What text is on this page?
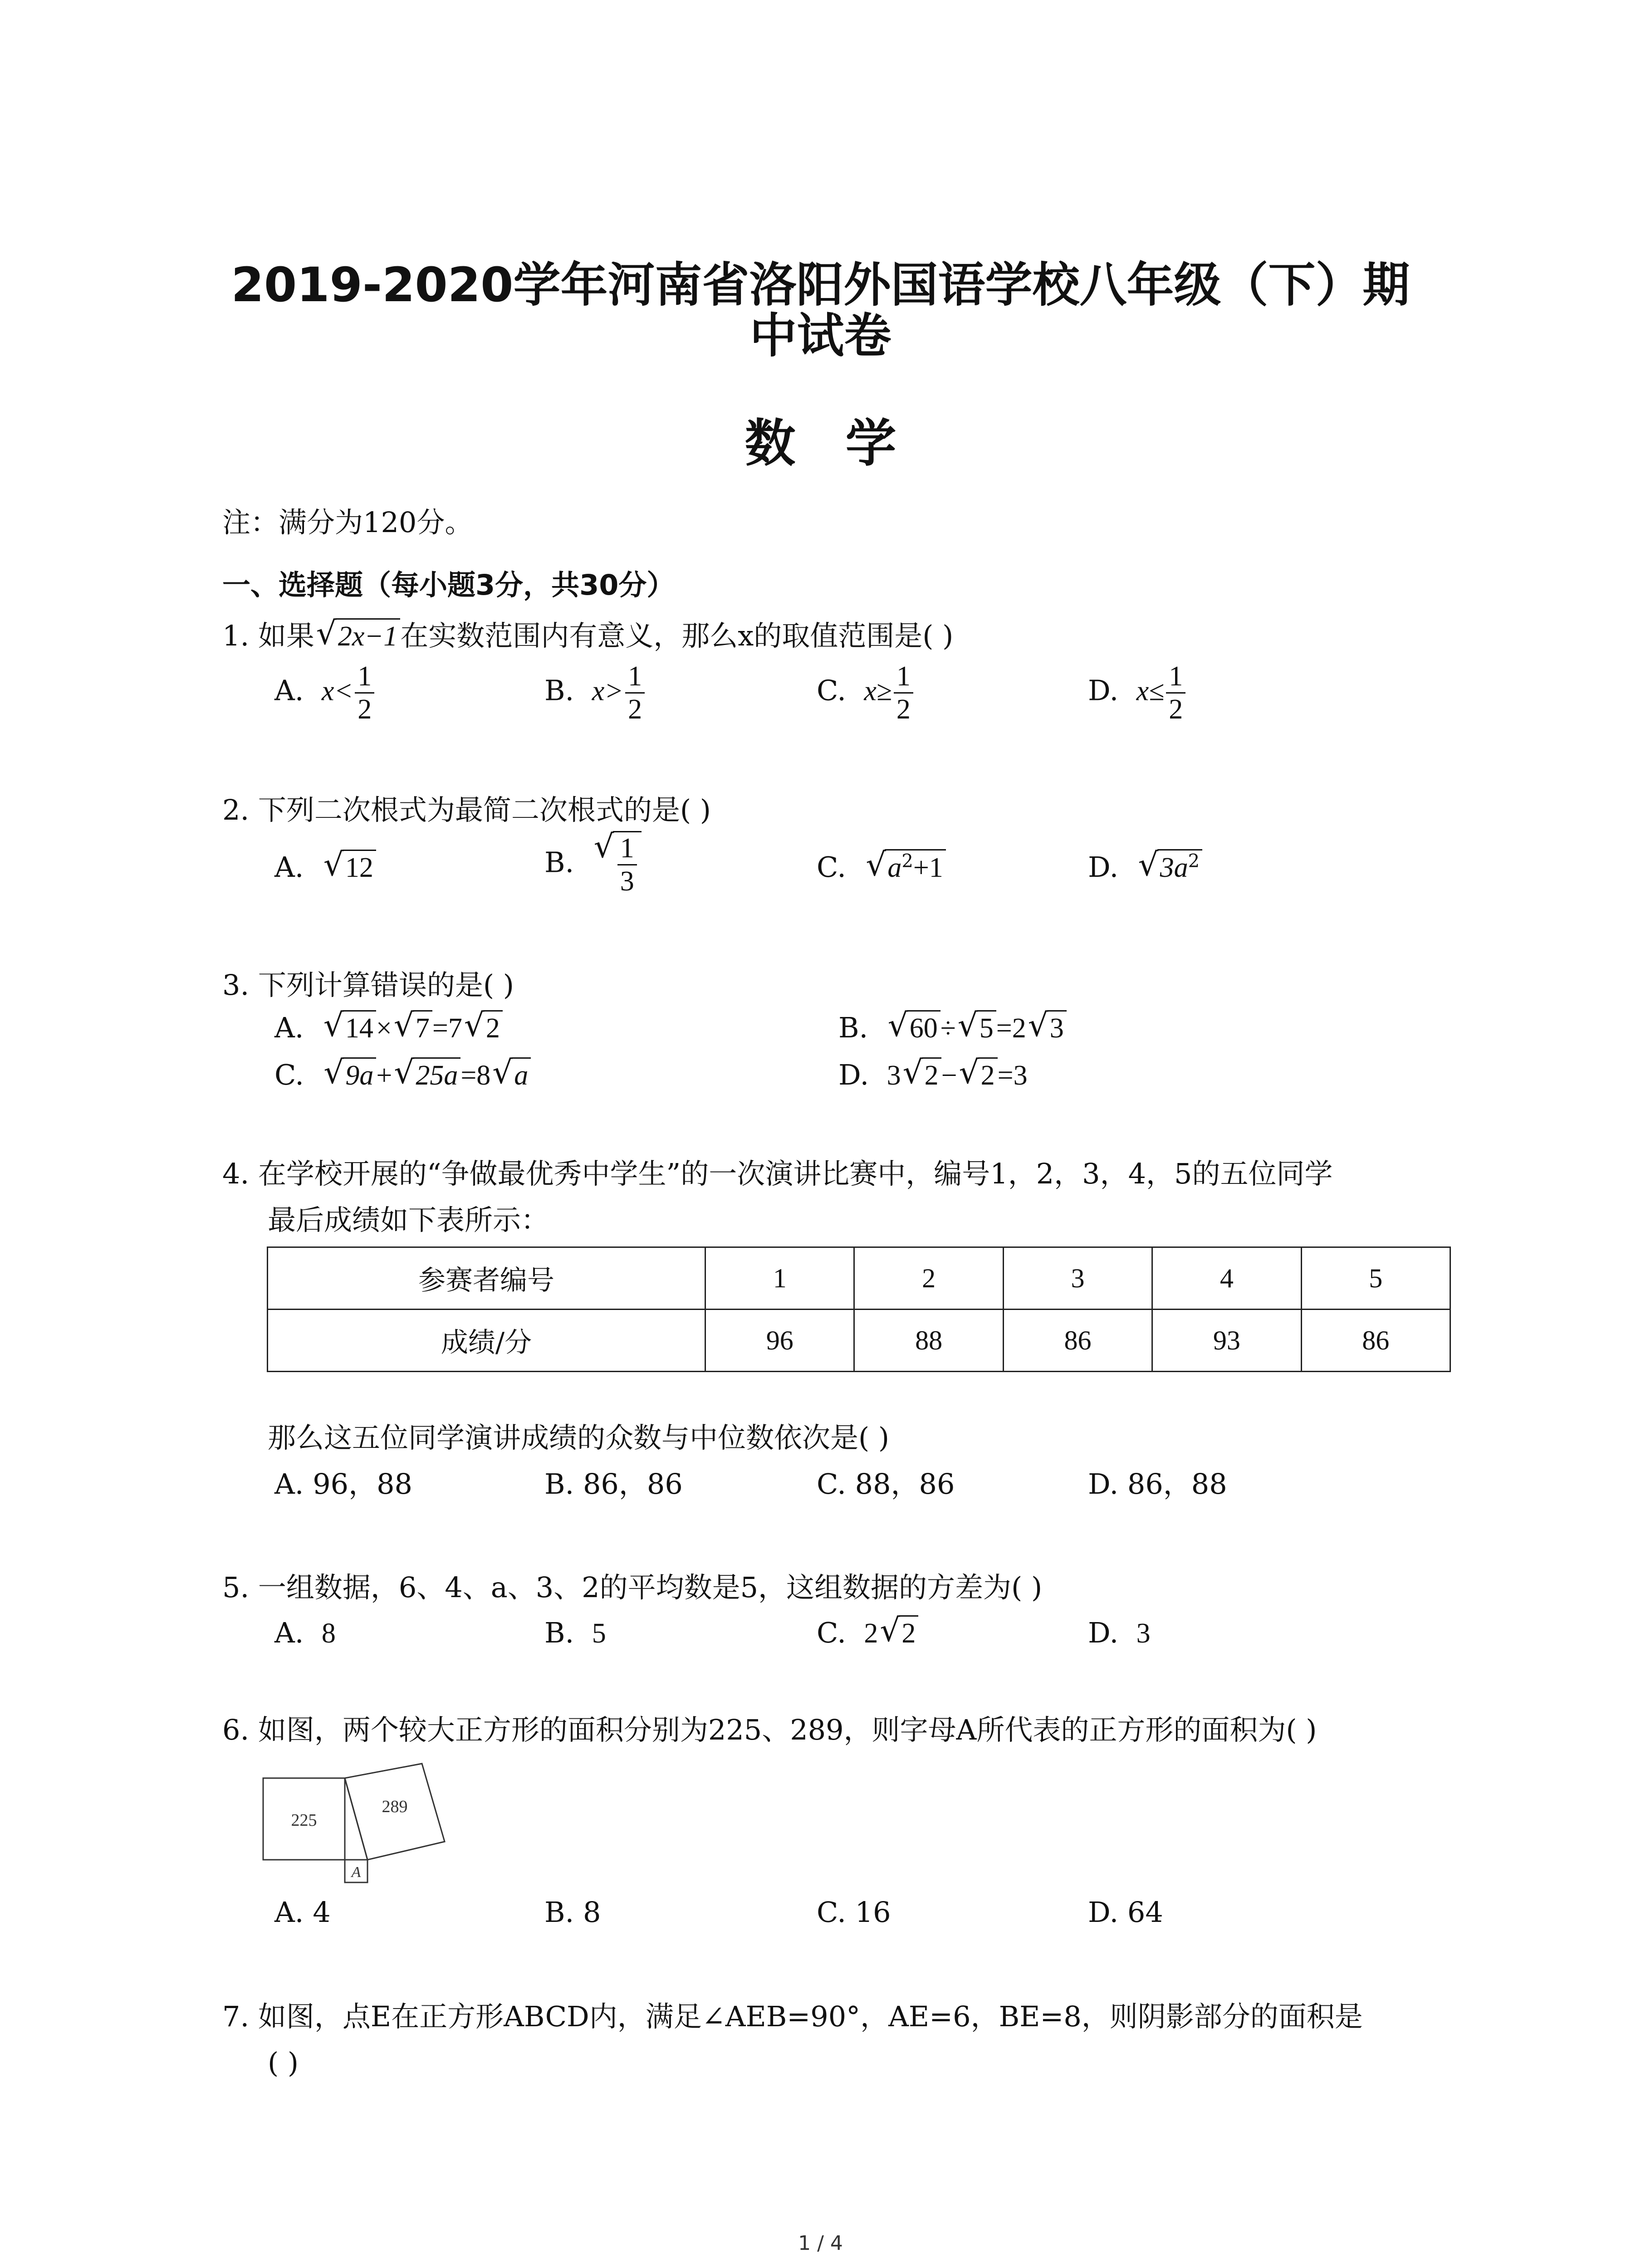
2019-2020学年河南省洛阳外国语学校八年级（下）期
中试卷
数学
注：满分为120分。
一、选择题（每小题3分，共30分）
1. 如果 √ 2x−1在实数范围内有意义，那么x的取值范围是( )
A. $x< \frac{1}{2}$	B. $x> \frac{1}{2}$	C. $x\ge \frac{1}{2}$	D. $x\le \frac{1}{2}$
2. 下列二次根式为最简二次根式的是( )
A. √ 12	B. √ $\frac{1}{3}$	C. √ $a^2+1$	D. √ $3a^2$
3. 下列计算错误的是( )
A. √ 14× √ 7=7 √ 2	B. √ 60÷ √ 5=2 √ 3
C. √ 9a+ √ 25a=8 √ a	D. 3 √ 2− √ 2=3
4. 在学校开展的“争做最优秀中学生”的一次演讲比赛中，编号1，2，3，4，5的五位同学
最后成绩如下表所示：
参赛者编号	1	2	3	4	5
成绩/分	96	88	86	93	86
那么这五位同学演讲成绩的众数与中位数依次是( )
A. 96，88	B. 86，86	C. 88，86	D. 86，88
5. 一组数据，6、4、a、3、2的平均数是5，这组数据的方差为( )
A. 8	B. 5	C. 2 √ 2	D. 3
6. 如图，两个较大正方形的面积分别为225、289，则字母A所代表的正方形的面积为( )
225
289
A
A. 4	B. 8	C. 16	D. 64
7. 如图，点E在正方形ABCD内，满足∠AEB=90°，AE=6，BE=8，则阴影部分的面积是
( )
1 / 4
